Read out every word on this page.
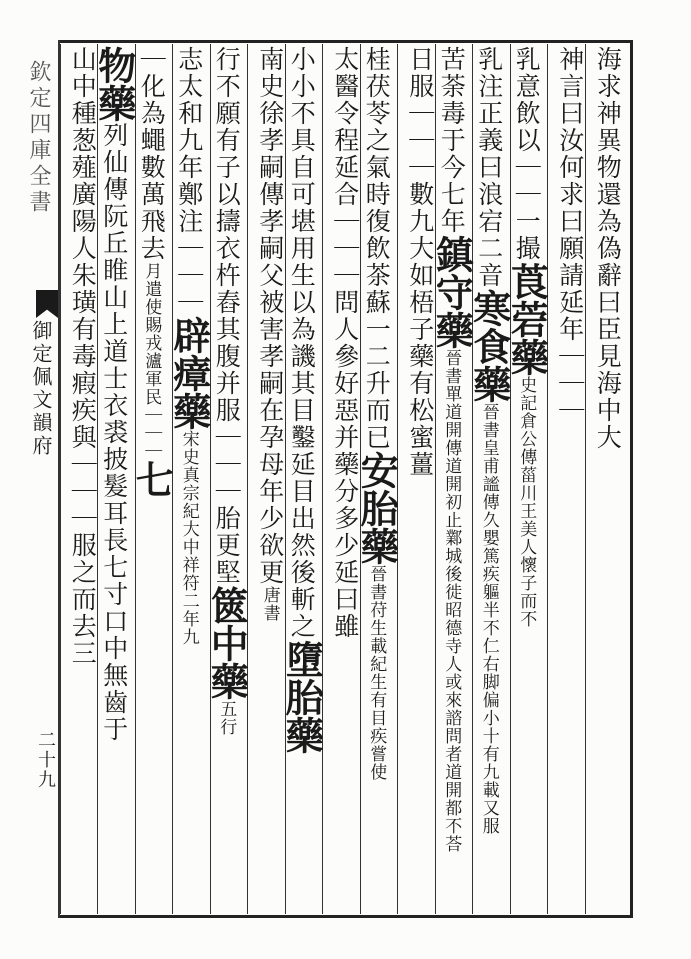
欽定四庫全書
御定佩文韻府
二十九
海求神異物還為偽辭曰臣見海中大
神言曰汝何求曰願請延年｜｜｜
乳意飲以｜｜一撮莨菪藥史記倉公傳菑川王美人懷子而不
乳注正義曰浪宕二音寒食藥晉書皇甫謐傳久嬰篤疾軀半不仁右脚偏小十有九載又服
苦荼毒于今七年鎮守藥晉書單道開傳道開初止鄴城後徙昭德寺人或來諮問者道開都不荅
日服｜｜｜數九大如梧子藥有松蜜薑
桂茯苓之氣時復飲茶蘇一二升而已安胎藥晉書苻生載紀生有目疾嘗使
太醫令程延合｜｜｜問人參好惡并藥分多少延曰雖
小小不具自可堪用生以為譏其目鑿延目出然後斬之墮胎藥
南史徐孝嗣傳孝嗣父被害孝嗣在孕母年少欲更唐書
行不願有子以擣衣杵舂其腹并服｜｜｜胎更堅篋中藥五行
志太和九年鄭注｜｜｜辟瘴藥宋史真宗紀大中祥符二年九
｜化為蠅數萬飛去月遣使賜戎瀘軍民｜｜｜七
物藥列仙傳阮丘睢山上道士衣裘披髮耳長七寸口中無齒于
山中種葱薤廣陽人朱璜有毒瘕疾與｜｜｜服之而去三
